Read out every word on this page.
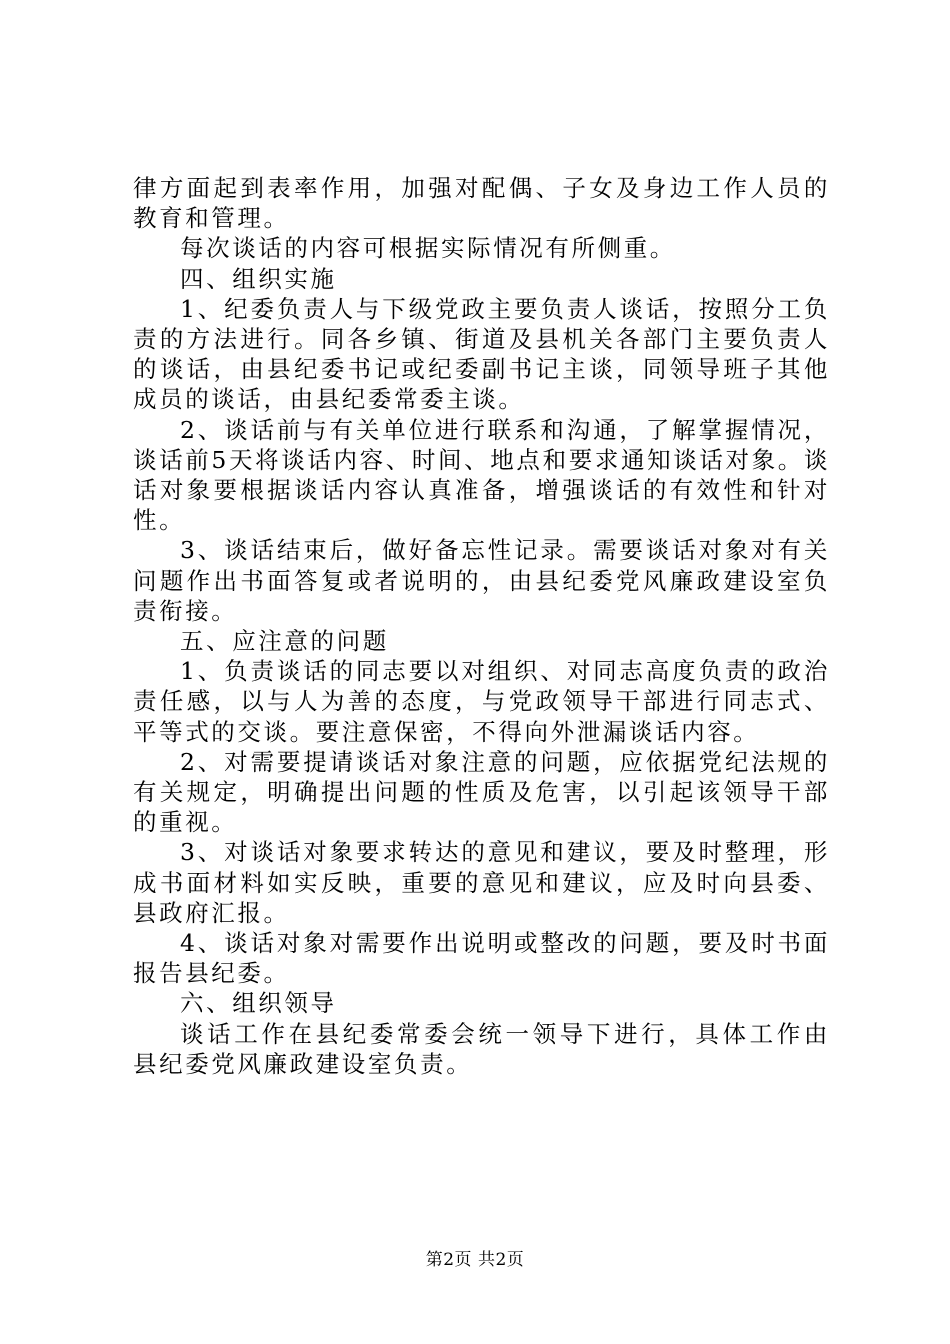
律方面起到表率作用，加强对配偶、子女及身边工作人员的教育和管理。

每次谈话的内容可根据实际情况有所侧重。

四、组织实施

1、纪委负责人与下级党政主要负责人谈话，按照分工负责的方法进行。同各乡镇、街道及县机关各部门主要负责人的谈话，由县纪委书记或纪委副书记主谈，同领导班子其他成员的谈话，由县纪委常委主谈。

2、谈话前与有关单位进行联系和沟通，了解掌握情况，谈话前5天将谈话内容、时间、地点和要求通知谈话对象。谈话对象要根据谈话内容认真准备，增强谈话的有效性和针对性。

3、谈话结束后，做好备忘性记录。需要谈话对象对有关问题作出书面答复或者说明的，由县纪委党风廉政建设室负责衔接。

五、应注意的问题

1、负责谈话的同志要以对组织、对同志高度负责的政治责任感，以与人为善的态度，与党政领导干部进行同志式、平等式的交谈。要注意保密，不得向外泄漏谈话内容。

2、对需要提请谈话对象注意的问题，应依据党纪法规的有关规定，明确提出问题的性质及危害，以引起该领导干部的重视。

3、对谈话对象要求转达的意见和建议，要及时整理，形成书面材料如实反映，重要的意见和建议，应及时向县委、县政府汇报。

4、谈话对象对需要作出说明或整改的问题，要及时书面报告县纪委。

六、组织领导

谈话工作在县纪委常委会统一领导下进行，具体工作由县纪委党风廉政建设室负责。

第2页 共2页
